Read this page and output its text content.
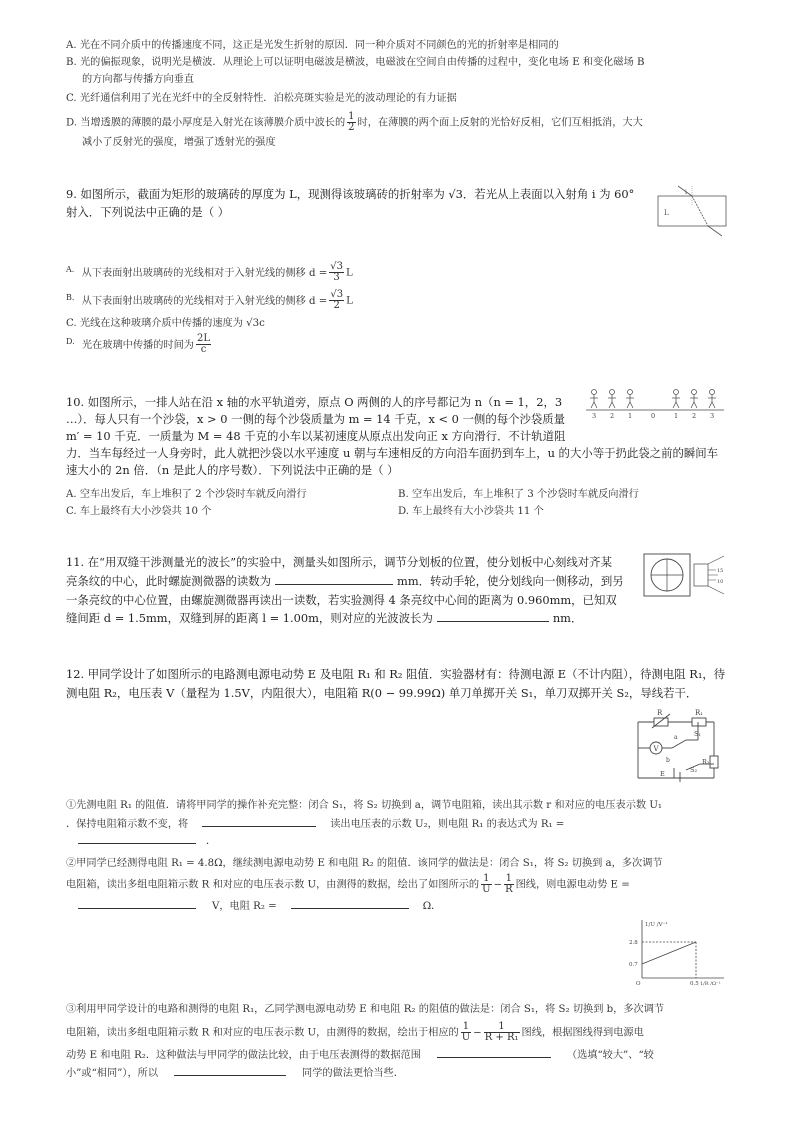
A. 光在不同介质中的传播速度不同，这正是光发生折射的原因．同一种介质对不同颜色的光的折射率是相同的
B. 光的偏振现象，说明光是横波．从理论上可以证明电磁波是横波，电磁波在空间自由传播的过程中，变化电场 E 和变化磁场 B
的方向都与传播方向垂直
C. 光纤通信利用了光在光纤中的全反射特性．泊松亮斑实验是光的波动理论的有力证据
D. 当增透膜的薄膜的最小厚度是入射光在该薄膜介质中波长的 $\frac{1}{2}$ 时，在薄膜的两个面上反射的光恰好反相，它们互相抵消，大大
减小了反射光的强度，增强了透射光的强度
9. 如图所示，截面为矩形的玻璃砖的厚度为 L，现测得该玻璃砖的折射率为 √3．若光从上表面以入射角 i 为 60°
射入．下列说法中正确的是（ ）	L
i
$^{A.}$ 从下表面射出玻璃砖的光线相对于入射光线的侧移 $d = \frac{√3}{3}$ L
$^{B.}$ 从下表面射出玻璃砖的光线相对于入射光线的侧移 $d = \frac{√3}{2}$ L
C. 光线在这种玻璃介质中传播的速度为 √3c
$^{D.}$ 光在玻璃中传播的时间为 $\frac{2L}{c}$
10. 如图所示，一排人站在沿 x 轴的水平轨道旁，原点 O 两侧的人的序号都记为 n（n = 1，2，3
…）．每人只有一个沙袋，x > 0 一侧的每个沙袋质量为 m = 14 千克，x < 0 一侧的每个沙袋质量
m′ = 10 千克．一质量为 M = 48 千克的小车以某初速度从原点出发向正 x 方向滑行．不计轨道阻
力．当车每经过一人身旁时，此人就把沙袋以水平速度 u 朝与车速相反的方向沿车面扔到车上，u 的大小等于扔此袋之前的瞬间车
速大小的 2n 倍．（n 是此人的序号数）．下列说法中正确的是（ ）
3 2 1	0	1 2 3
A. 空车出发后，车上堆积了 2 个沙袋时车就反向滑行	B. 空车出发后，车上堆积了 3 个沙袋时车就反向滑行
C. 车上最终有大小沙袋共 10 个	D. 车上最终有大小沙袋共 11 个
11. 在“用双缝干涉测量光的波长”的实验中，测量头如图所示，调节分划板的位置，使分划板中心刻线对齐某
亮条纹的中心，此时螺旋测微器的读数为	mm．转动手轮，使分划线向一侧移动，到另
一条亮纹的中心位置，由螺旋测微器再读出一读数，若实验测得 4 条亮纹中心间的距离为 0.960mm，已知双
缝间距 d = 1.5mm，双缝到屏的距离 l = 1.00m，则对应的光波波长为	nm．
15
10
12. 甲同学设计了如图所示的电路测电源电动势 E 及电阻 R₁ 和 R₂ 阻值．实验器材有：待测电源 E（不计内阻），待测电阻 R₁，待
测电阻 R₂，电压表 V（量程为 1.5V，内阻很大），电阻箱 R(0 − 99.99Ω) 单刀单掷开关 S₁，单刀双掷开关 S₂，导线若干．
R	R₁
V
a
b
S₁
S₂
E
R₂
①先测电阻 R₁ 的阻值．请将甲同学的操作补充完整：闭合 S₁，将 S₂ 切换到 a，调节电阻箱，读出其示数 r 和对应的电压表示数 U₁
．保持电阻箱示数不变，将	读出电压表的示数 U₂，则电阻 R₁ 的表达式为 R₁ =
．
②甲同学已经测得电阻 R₁ = 4.8Ω，继续测电源电动势 E 和电阻 R₂ 的阻值．该同学的做法是：闭合 S₁，将 S₂ 切换到 a，多次调节
电阻箱，读出多组电阻箱示数 R 和对应的电压表示数 U，由测得的数据，绘出了如图所示的 $\frac{1}{U} - \frac{1}{R}$ 图线，则电源电动势 E =
V，电阻 R₂ =	Ω．
1/U /V⁻¹
2.8
0.7
O	0.5 1/R /Ω⁻¹
③利用甲同学设计的电路和测得的电阻 R₁，乙同学测电源电动势 E 和电阻 R₂ 的阻值的做法是：闭合 S₁，将 S₂ 切换到 b，多次调节
电阻箱，读出多组电阻箱示数 R 和对应的电压表示数 U，由测得的数据，绘出于相应的 $\frac{1}{U} - \frac{1}{\text{R + R₁}}$ 图线，根据图线得到电源电
动势 E 和电阻 R₂．这种做法与甲同学的做法比较，由于电压表测得的数据范围	（选填“较大”、“较
小”或“相同”），所以	同学的做法更恰当些．
